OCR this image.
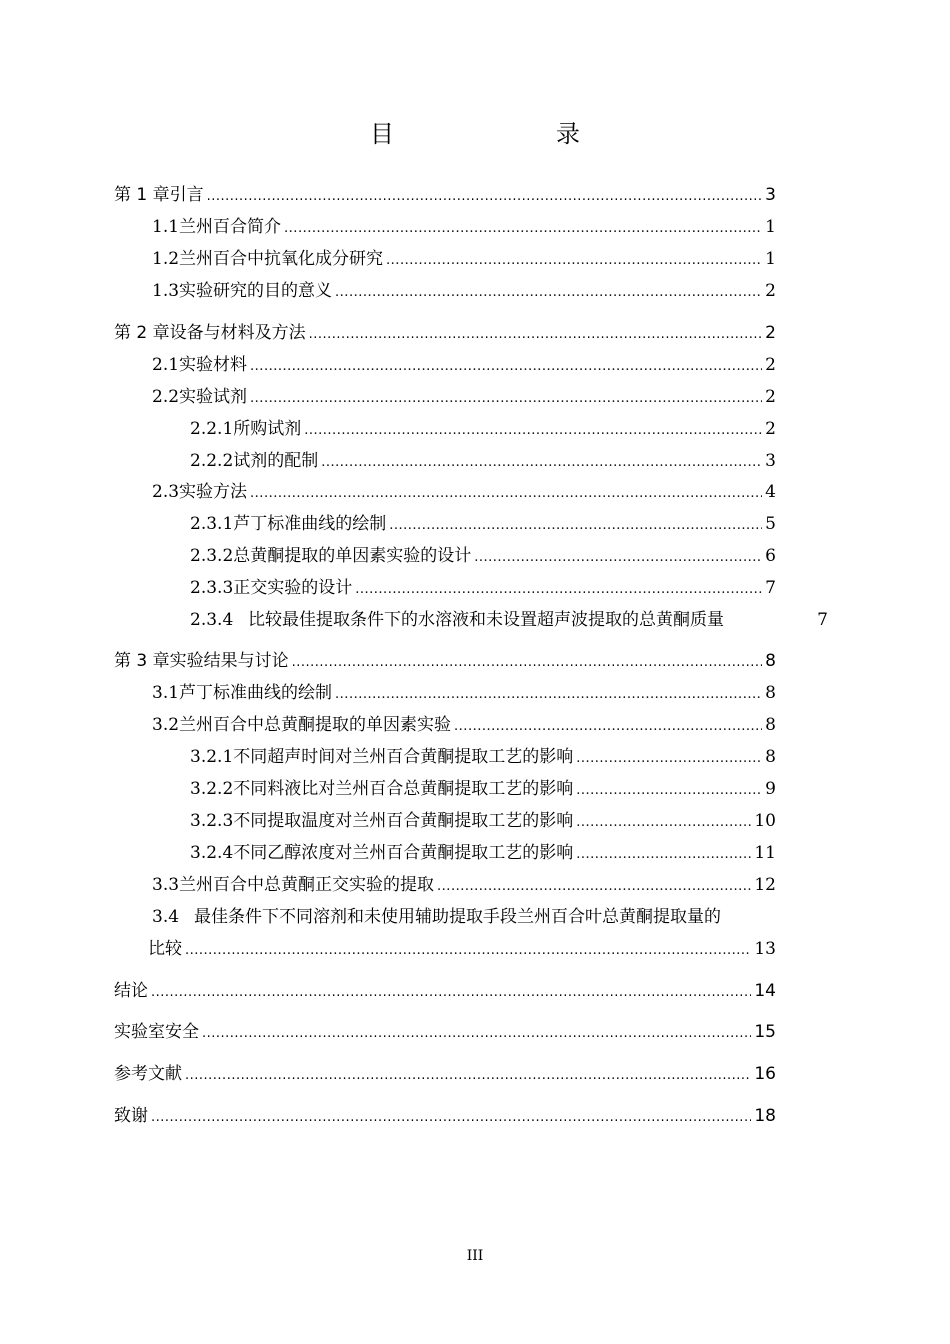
目　　录
第 1 章 引言 .....	3
1.1 兰州百合简介 .....	1
1.2 兰州百合中抗氧化成分研究 .....	1
1.3 实验研究的目的意义 .....	2
第 2 章 设备与材料及方法 .....	2
2.1 实验材料 .....	2
2.2 实验试剂 .....	2
2.2.1 所购试剂 .....	2
2.2.2 试剂的配制 .....	3
2.3 实验方法 .....	4
2.3.1 芦丁标准曲线的绘制 .....	5
2.3.2 总黄酮提取的单因素实验的设计 .....	6
2.3.3 正交实验的设计 .....	7
2.3.4 比较最佳提取条件下的水溶液和未设置超声波提取的总黄酮质量	7
第 3 章 实验结果与讨论 .....	8
3.1 芦丁标准曲线的绘制 .....	8
3.2 兰州百合中总黄酮提取的单因素实验 .....	8
3.2.1 不同超声时间对兰州百合黄酮提取工艺的影响 .....	8
3.2.2 不同料液比对兰州百合总黄酮提取工艺的影响 .....	9
3.2.3 不同提取温度对兰州百合黄酮提取工艺的影响 .....	10
3.2.4 不同乙醇浓度对兰州百合黄酮提取工艺的影响 .....	11
3.3 兰州百合中总黄酮正交实验的提取 .....	12
3.4 最佳条件下不同溶剂和未使用辅助提取手段兰州百合叶总黄酮提取量的
比较 .....	13
结论 .....	14
实验室安全 .....	15
参考文献 .....	16
致谢 .....	18
III
